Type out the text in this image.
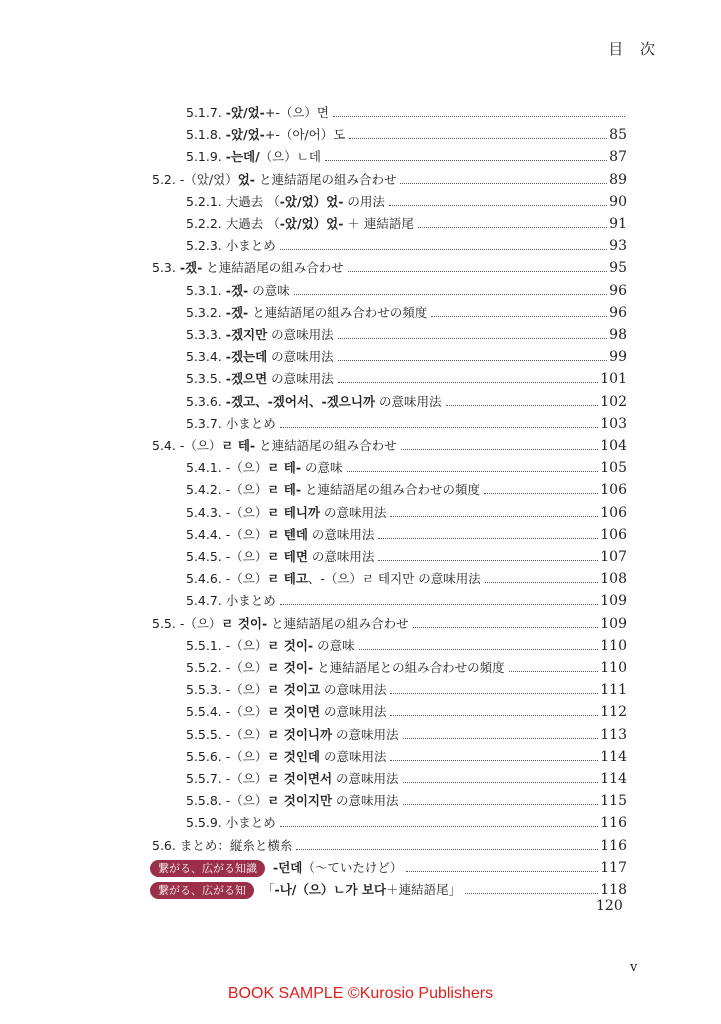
目 次
5.1.7. -았/었-+-（으）면
5.1.8. -았/었-+-（아/어）도	85
5.1.9. -는데/（으）ㄴ데	87
5.2. -（았/었）었- と連結語尾の組み合わせ	89
5.2.1. 大過去 （-았/었）었- の用法	90
5.2.2. 大過去 （-았/었）었- ＋ 連結語尾	91
5.2.3. 小まとめ	93
5.3. -겠- と連結語尾の組み合わせ	95
5.3.1. -겠- の意味	96
5.3.2. -겠- と連結語尾の組み合わせの頻度	96
5.3.3. -겠지만 の意味用法	98
5.3.4. -겠는데 の意味用法	99
5.3.5. -겠으면 の意味用法	101
5.3.6. -겠고、-겠어서、-겠으니까 の意味用法	102
5.3.7. 小まとめ	103
5.4. -（으）ㄹ 테- と連結語尾の組み合わせ	104
5.4.1. -（으）ㄹ 테- の意味	105
5.4.2. -（으）ㄹ 테- と連結語尾の組み合わせの頻度	106
5.4.3. -（으）ㄹ 테니까 の意味用法	106
5.4.4. -（으）ㄹ 텐데 の意味用法	106
5.4.5. -（으）ㄹ 테면 の意味用法	107
5.4.6. -（으）ㄹ 테고、-（으）ㄹ 테지만 の意味用法	108
5.4.7. 小まとめ	109
5.5. -（으）ㄹ 것이- と連結語尾の組み合わせ	109
5.5.1. -（으）ㄹ 것이- の意味	110
5.5.2. -（으）ㄹ 것이- と連結語尾との組み合わせの頻度	110
5.5.3. -（으）ㄹ 것이고 の意味用法	111
5.5.4. -（으）ㄹ 것이면 の意味用法	112
5.5.5. -（으）ㄹ 것이니까 の意味用法	113
5.5.6. -（으）ㄹ 것인데 の意味用法	114
5.5.7. -（으）ㄹ 것이면서 の意味用法	114
5.5.8. -（으）ㄹ 것이지만 の意味用法	115
5.5.9. 小まとめ	116
5.6. まとめ：縦糸と横糸	116
繋がる、広がる知識	-던데（～ていたけど）	117
繋がる、広がる知	「-나/（으）ㄴ가 보다＋連結語尾」	118
120
v
BOOK SAMPLE ©Kurosio Publishers
